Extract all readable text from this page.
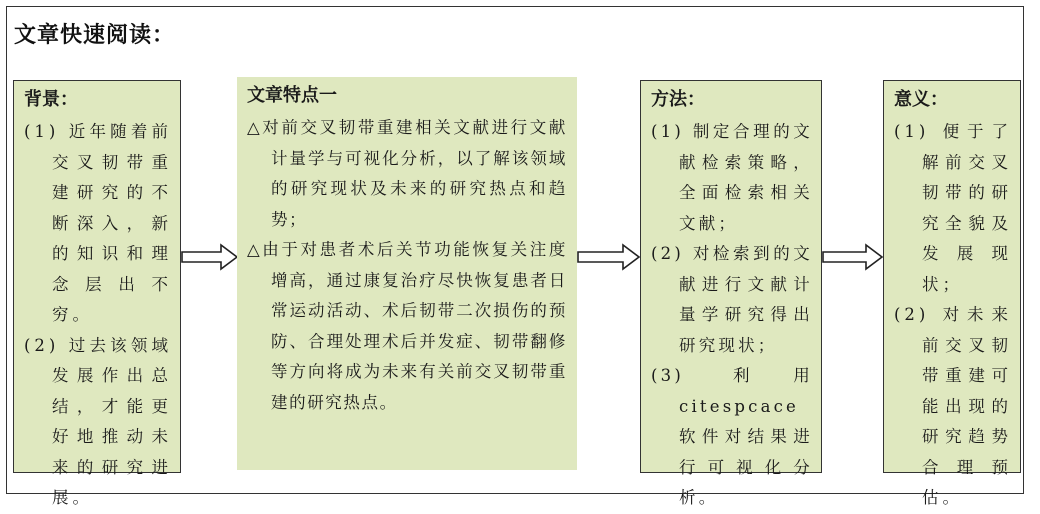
文章快速阅读：
背景：
(1) 近年随着前交叉韧带重建研究的不断深入，新的知识和理念层出不穷。
(2) 过去该领域发展作出总结，才能更好地推动未来的研究进展。
文章特点一
△对前交叉韧带重建相关文献进行文献计量学与可视化分析，以了解该领域的研究现状及未来的研究热点和趋势；
△由于对患者术后关节功能恢复关注度增高，通过康复治疗尽快恢复患者日常运动活动、术后韧带二次损伤的预防、合理处理术后并发症、韧带翻修等方向将成为未来有关前交叉韧带重建的研究热点。
方法：
(1) 制定合理的文献检索策略，全面检索相关文献；
(2) 对检索到的文献进行文献计量学研究得出研究现状；
(3) 利用 citespcace 软件对结果进行可视化分析。
意义：
(1) 便于了解前交叉韧带的研究全貌及发展现状；
(2) 对未来前交叉韧带重建可能出现的研究趋势合理预估。
